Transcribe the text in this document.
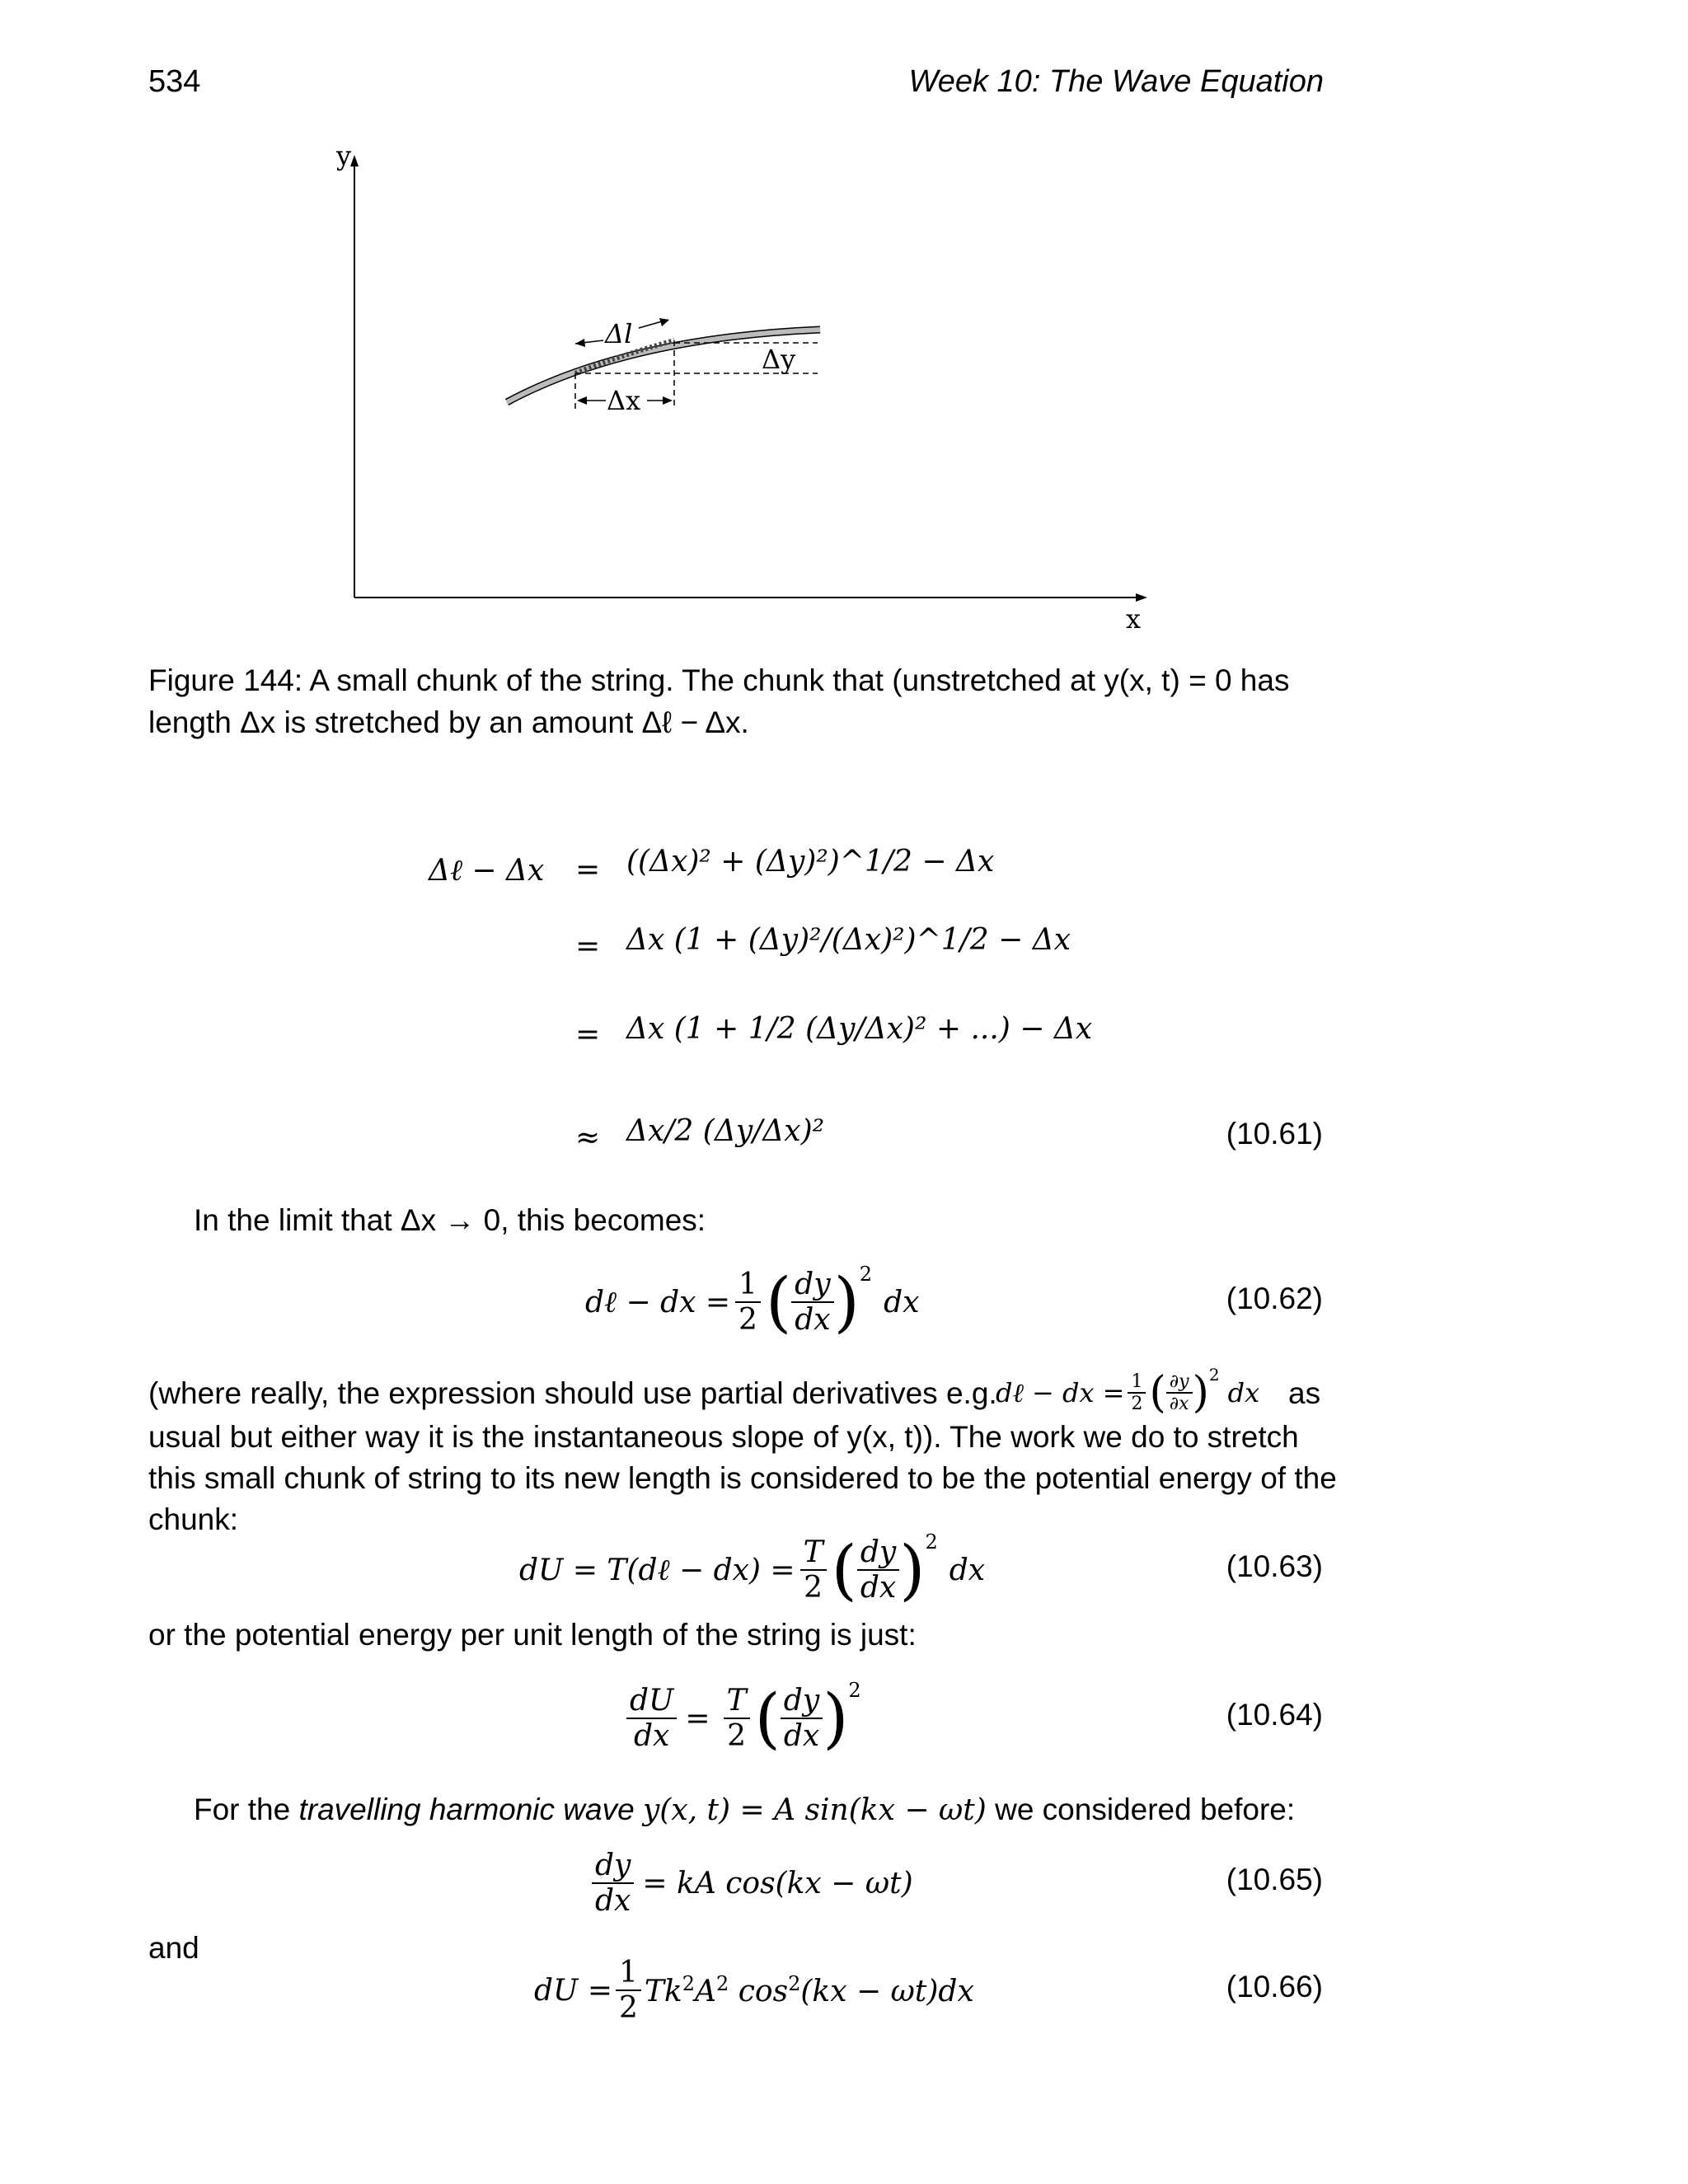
534	Week 10: The Wave Equation
y
x
Δl
Δy
Δx
Figure 144: A small chunk of the string. The chunk that (unstretched at y(x, t) = 0 has
length Δx is stretched by an amount Δℓ − Δx.
Δℓ − Δx = ((Δx)² + (Δy)²)^1/2 − Δx
= Δx (1 + (Δy)²/(Δx)²)^1/2 − Δx
= Δx (1 + 1/2 (Δy/Δx)² + ...) − Δx
≈ Δx/2 (Δy/Δx)²	(10.61)
In the limit that Δx → 0, this becomes:
dℓ − dx = $\frac{1}{2}$ ( $\frac{dy}{dx}$ ) 2
dx	(10.62)
(where really, the expression should use partial derivatives e.g.
dℓ − dx = $\frac{1}{2}$ ( $\frac{\partial y}{\partial x}$ ) 2
dx as
usual but either way it is the instantaneous slope of y(x, t)). The work we do to stretch
this small chunk of string to its new length is considered to be the potential energy of the
chunk:
dU = T(dℓ − $dx) = \frac{T}{2}$ ( $\frac{dy}{dx}$ ) 2
dx	(10.63)
or the potential energy per unit length of the string is just:
$\frac{dU}{dx} = \frac{T}{2}$ ( $\frac{dy}{dx}$ ) 2
(10.64)
For the travelling harmonic wave y(x, t) = A sin(kx − ωt) we considered before:
$\frac{dy}{dx}$ = kA cos(kx − ωt)	(10.65)
and
dU = $\frac{1}{2} Tk^2A^2$ $\cos^2(kx - \omega t)dx$	(10.66)
